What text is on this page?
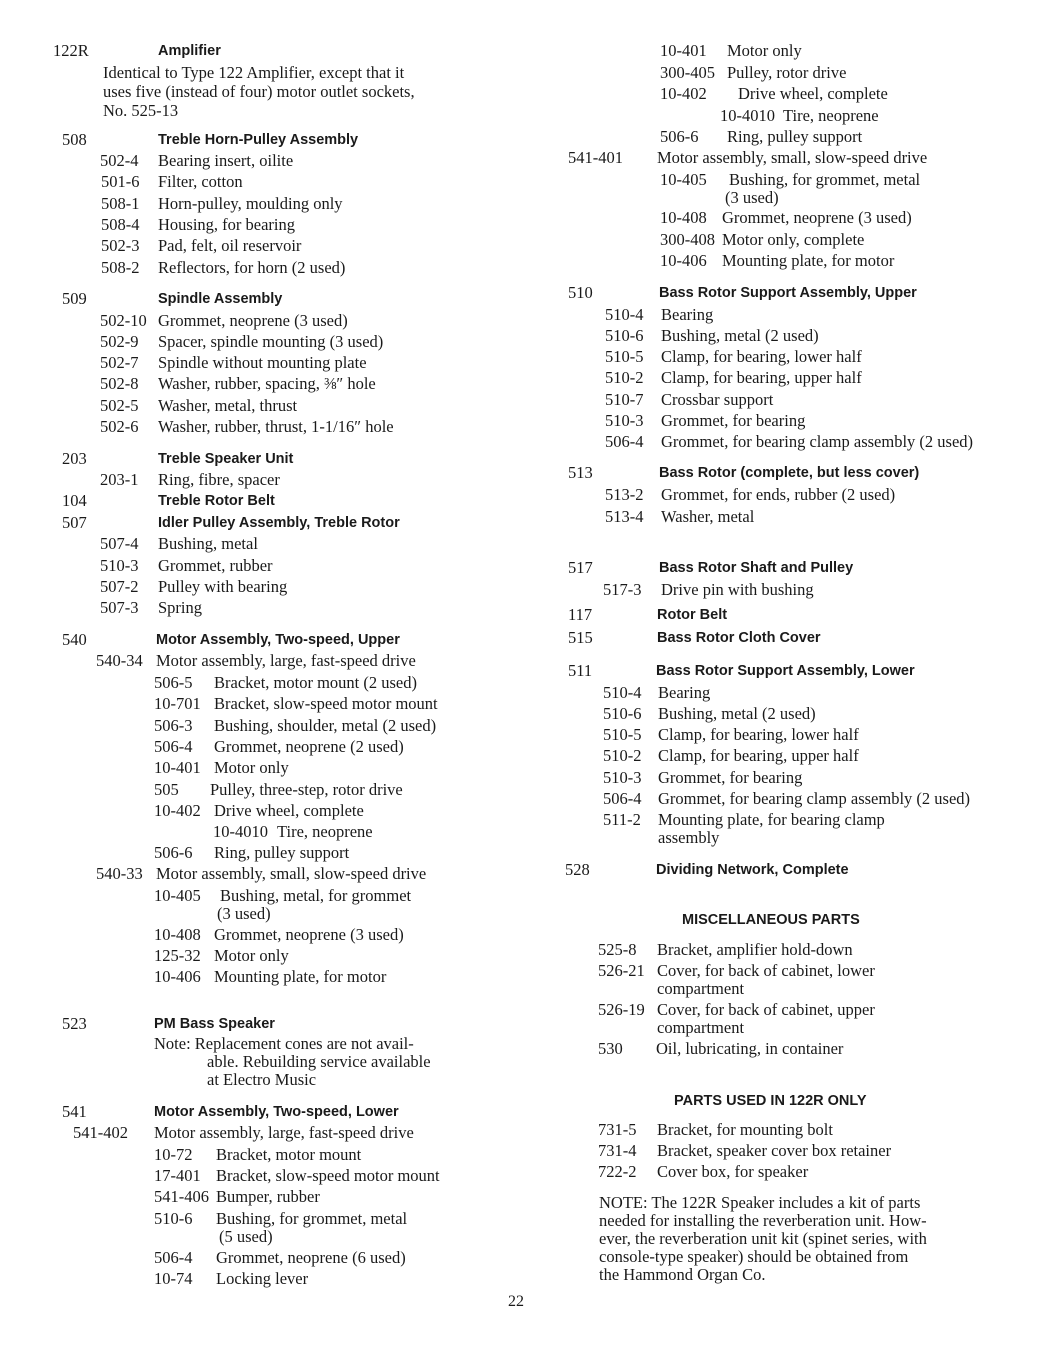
122R	Amplifier
Identical to Type 122 Amplifier, except that it
uses five (instead of four) motor outlet sockets,
No. 525-13
508	Treble Horn-Pulley Assembly
502-4 Bearing insert, oilite
501-6 Filter, cotton
508-1 Horn-pulley, moulding only
508-4 Housing, for bearing
502-3 Pad, felt, oil reservoir
508-2 Reflectors, for horn (2 used)
509	Spindle Assembly
502-10 Grommet, neoprene (3 used)
502-9 Spacer, spindle mounting (3 used)
502-7 Spindle without mounting plate
502-8 Washer, rubber, spacing, ⅜″ hole
502-5 Washer, metal, thrust
502-6 Washer, rubber, thrust, 1-1/16″ hole
203	Treble Speaker Unit
203-1 Ring, fibre, spacer
104	Treble Rotor Belt
507	Idler Pulley Assembly, Treble Rotor
507-4 Bushing, metal
510-3 Grommet, rubber
507-2 Pulley with bearing
507-3 Spring
540	Motor Assembly, Two-speed, Upper
540-34 Motor assembly, large, fast-speed drive
506-5 Bracket, motor mount (2 used)
10-701 Bracket, slow-speed motor mount
506-3 Bushing, shoulder, metal (2 used)
506-4 Grommet, neoprene (2 used)
10-401 Motor only
505 Pulley, three-step, rotor drive
10-402 Drive wheel, complete
10-4010 Tire, neoprene
506-6 Ring, pulley support
540-33 Motor assembly, small, slow-speed drive
10-405 Bushing, metal, for grommet
(3 used)
10-408 Grommet, neoprene (3 used)
125-32 Motor only
10-406 Mounting plate, for motor
523	PM Bass Speaker
Note: Replacement cones are not avail-
able. Rebuilding service available
at Electro Music
541	Motor Assembly, Two-speed, Lower
541-402 Motor assembly, large, fast-speed drive
10-72 Bracket, motor mount
17-401 Bracket, slow-speed motor mount
541-406 Bumper, rubber
510-6 Bushing, for grommet, metal
(5 used)
506-4 Grommet, neoprene (6 used)
10-74 Locking lever
10-401 Motor only
300-405 Pulley, rotor drive
10-402 Drive wheel, complete
10-4010 Tire, neoprene
506-6 Ring, pulley support
541-401 Motor assembly, small, slow-speed drive
10-405 Bushing, for grommet, metal
(3 used)
10-408 Grommet, neoprene (3 used)
300-408 Motor only, complete
10-406 Mounting plate, for motor
510	Bass Rotor Support Assembly, Upper
510-4 Bearing
510-6 Bushing, metal (2 used)
510-5 Clamp, for bearing, lower half
510-2 Clamp, for bearing, upper half
510-7 Crossbar support
510-3 Grommet, for bearing
506-4 Grommet, for bearing clamp assembly (2 used)
513	Bass Rotor (complete, but less cover)
513-2 Grommet, for ends, rubber (2 used)
513-4 Washer, metal
517	Bass Rotor Shaft and Pulley
517-3 Drive pin with bushing
117	Rotor Belt
515	Bass Rotor Cloth Cover
511	Bass Rotor Support Assembly, Lower
510-4 Bearing
510-6 Bushing, metal (2 used)
510-5 Clamp, for bearing, lower half
510-2 Clamp, for bearing, upper half
510-3 Grommet, for bearing
506-4 Grommet, for bearing clamp assembly (2 used)
511-2 Mounting plate, for bearing clamp
assembly
528	Dividing Network, Complete
MISCELLANEOUS PARTS
525-8 Bracket, amplifier hold-down
526-21 Cover, for back of cabinet, lower
compartment
526-19 Cover, for back of cabinet, upper
compartment
530 Oil, lubricating, in container
PARTS USED IN 122R ONLY
731-5 Bracket, for mounting bolt
731-4 Bracket, speaker cover box retainer
722-2 Cover box, for speaker
NOTE: The 122R Speaker includes a kit of parts
needed for installing the reverberation unit. How-
ever, the reverberation unit kit (spinet series, with
console-type speaker) should be obtained from
the Hammond Organ Co.
22
